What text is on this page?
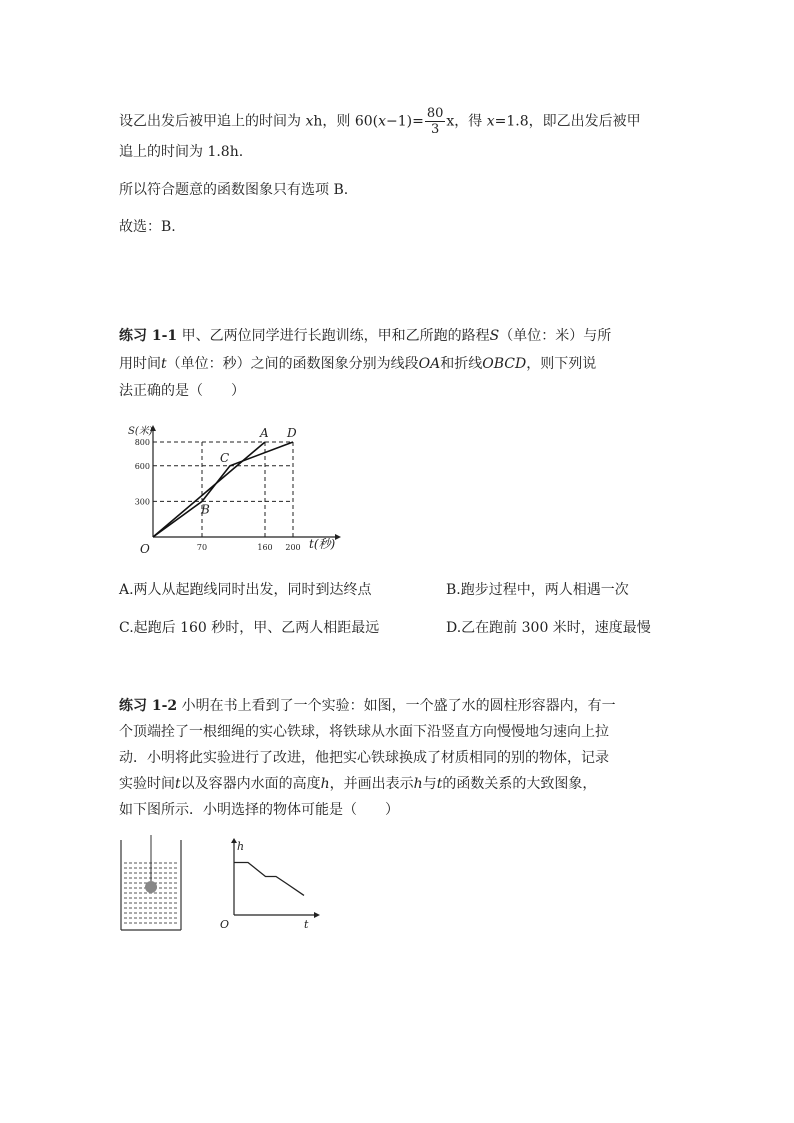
设乙出发后被甲追上的时间为 xh，则 $60(x-1)= \frac{80}{3}$ x，得 x=1.8，即乙出发后被甲
追上的时间为 1.8h.
所以符合题意的函数图象只有选项 B.
故选：B.
练习 1-1 甲、乙两位同学进行长跑训练，甲和乙所跑的路程S（单位：米）与所
用时间t（单位：秒）之间的函数图象分别为线段OA和折线OBCD，则下列说
法正确的是（　　）
70	160 200
300
600
800
O
S(米)
t(秒)
A
B
C
D
A.两人从起跑线同时出发，同时到达终点	B.跑步过程中，两人相遇一次
C.起跑后 160 秒时，甲、乙两人相距最远	D.乙在跑前 300 米时，速度最慢
练习 1-2 小明在书上看到了一个实验：如图，一个盛了水的圆柱形容器内，有一
个顶端拴了一根细绳的实心铁球，将铁球从水面下沿竖直方向慢慢地匀速向上拉
动．小明将此实验进行了改进，他把实心铁球换成了材质相同的别的物体，记录
实验时间t以及容器内水面的高度h，并画出表示h与t的函数关系的大致图象，
如下图所示．小明选择的物体可能是（　　）
O
h
t
